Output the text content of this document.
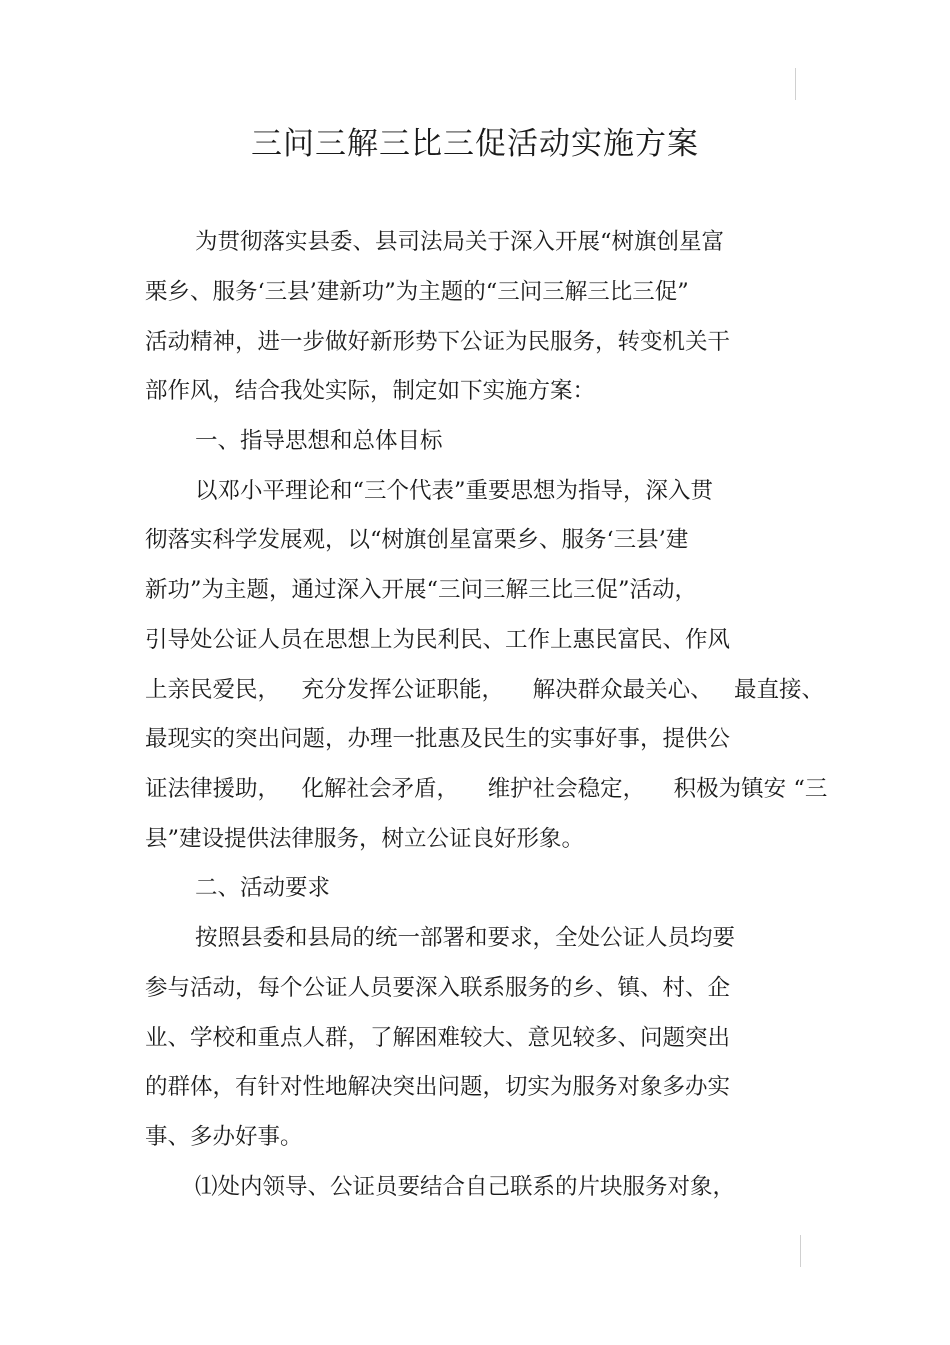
三问三解三比三促活动实施方案

为贯彻落实县委、县司法局关于深入开展“树旗创星富

栗乡、服务‘三县’建新功”为主题的“三问三解三比三促”

活动精神，进一步做好新形势下公证为民服务，转变机关干

部作风，结合我处实际，制定如下实施方案：

一、指导思想和总体目标

以邓小平理论和“三个代表”重要思想为指导，深入贯

彻落实科学发展观，以“树旗创星富栗乡、服务‘三县’建

新功”为主题，通过深入开展“三问三解三比三促”活动，

引导处公证人员在思想上为民利民、工作上惠民富民、作风

上亲民爱民，   充分发挥公证职能，    解决群众最关心、   最直接、

最现实的突出问题，办理一批惠及民生的实事好事，提供公

证法律援助，   化解社会矛盾，    维护社会稳定，    积极为镇安 “三

县”建设提供法律服务，树立公证良好形象。

二、活动要求

按照县委和县局的统一部署和要求，全处公证人员均要

参与活动，每个公证人员要深入联系服务的乡、镇、村、企

业、学校和重点人群，了解困难较大、意见较多、问题突出

的群体，有针对性地解决突出问题，切实为服务对象多办实

事、多办好事。

⑴处内领导、公证员要结合自己联系的片块服务对象，
